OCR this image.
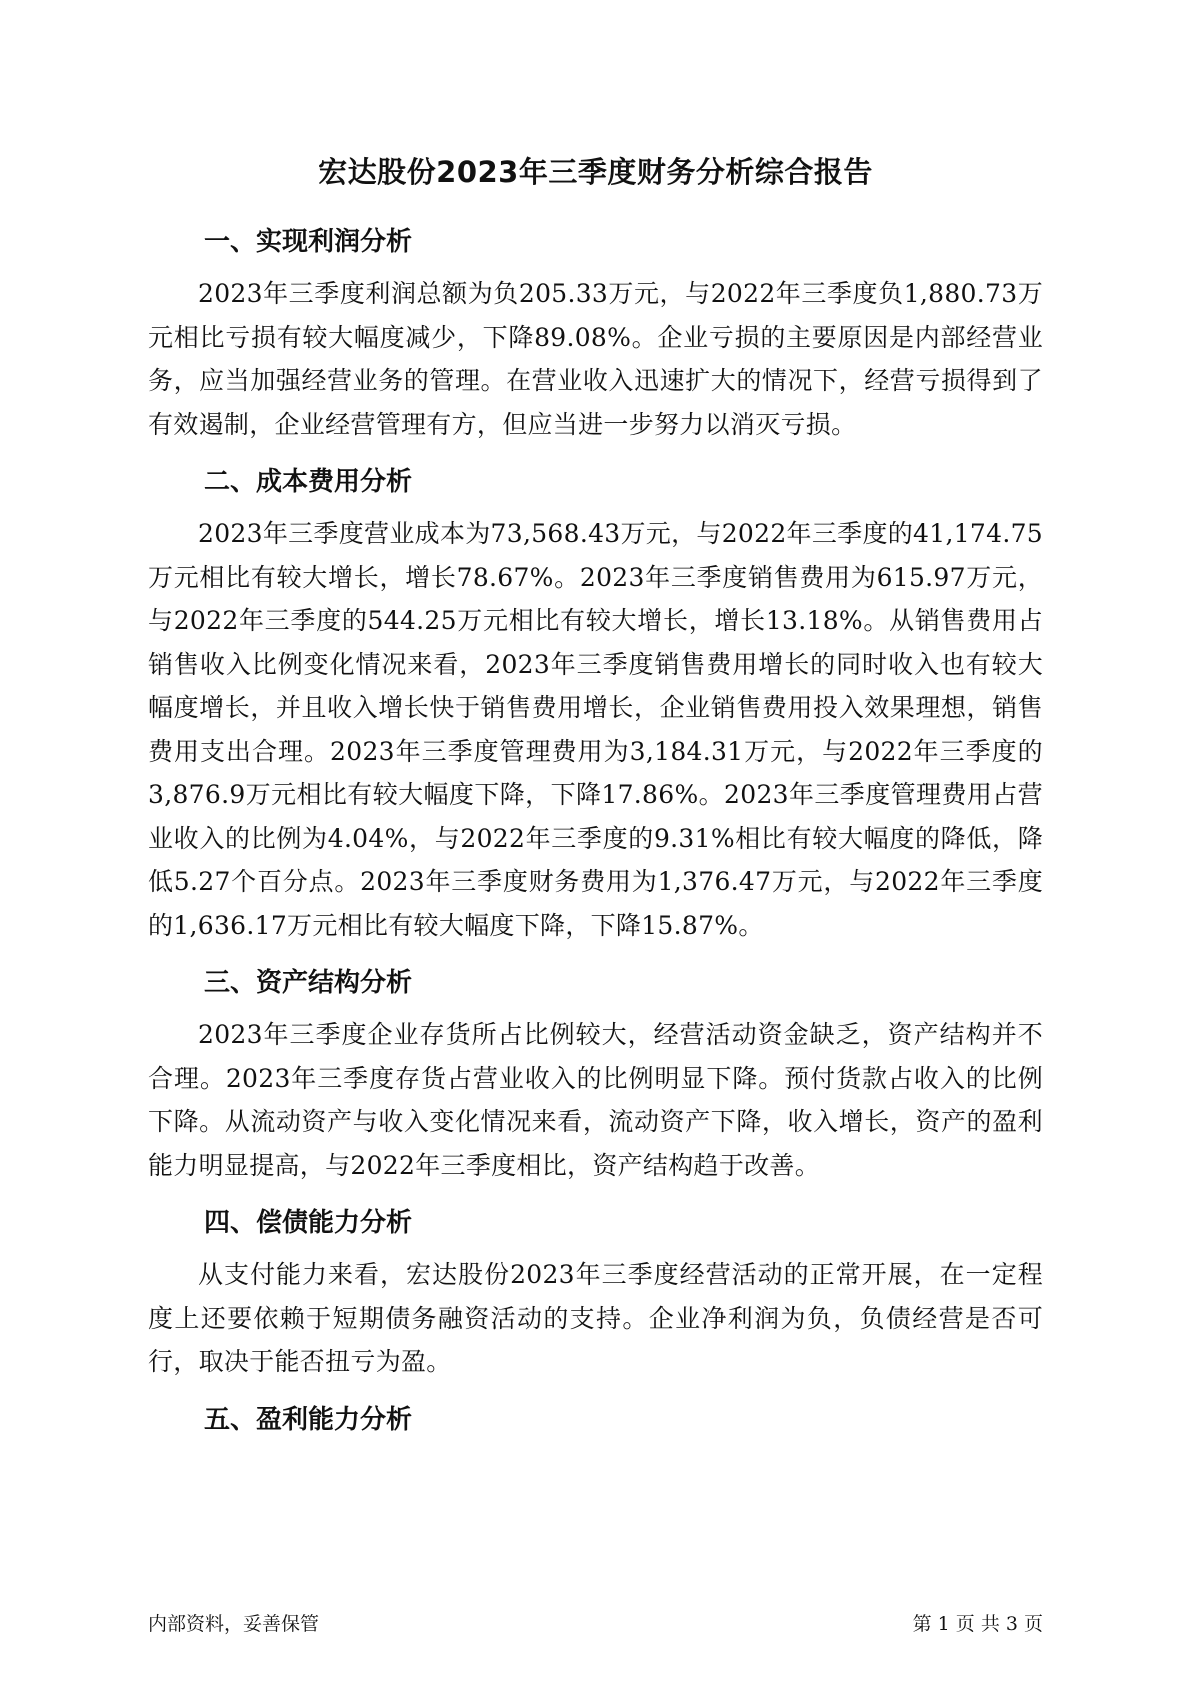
宏达股份2023年三季度财务分析综合报告
一、实现利润分析
2023年三季度利润总额为负205.33万元，与2022年三季度负1,880.73万元相比亏损有较大幅度减少，下降89.08%。企业亏损的主要原因是内部经营业务，应当加强经营业务的管理。在营业收入迅速扩大的情况下，经营亏损得到了有效遏制，企业经营管理有方，但应当进一步努力以消灭亏损。
二、成本费用分析
2023年三季度营业成本为73,568.43万元，与2022年三季度的41,174.75万元相比有较大增长，增长78.67%。2023年三季度销售费用为615.97万元，与2022年三季度的544.25万元相比有较大增长，增长13.18%。从销售费用占销售收入比例变化情况来看，2023年三季度销售费用增长的同时收入也有较大幅度增长，并且收入增长快于销售费用增长，企业销售费用投入效果理想，销售费用支出合理。2023年三季度管理费用为3,184.31万元，与2022年三季度的3,876.9万元相比有较大幅度下降，下降17.86%。2023年三季度管理费用占营业收入的比例为4.04%，与2022年三季度的9.31%相比有较大幅度的降低，降低5.27个百分点。2023年三季度财务费用为1,376.47万元，与2022年三季度的1,636.17万元相比有较大幅度下降，下降15.87%。
三、资产结构分析
2023年三季度企业存货所占比例较大，经营活动资金缺乏，资产结构并不合理。2023年三季度存货占营业收入的比例明显下降。预付货款占收入的比例下降。从流动资产与收入变化情况来看，流动资产下降，收入增长，资产的盈利能力明显提高，与2022年三季度相比，资产结构趋于改善。
四、偿债能力分析
从支付能力来看，宏达股份2023年三季度经营活动的正常开展，在一定程度上还要依赖于短期债务融资活动的支持。企业净利润为负，负债经营是否可行，取决于能否扭亏为盈。
五、盈利能力分析
内部资料，妥善保管	第 1 页 共 3 页
